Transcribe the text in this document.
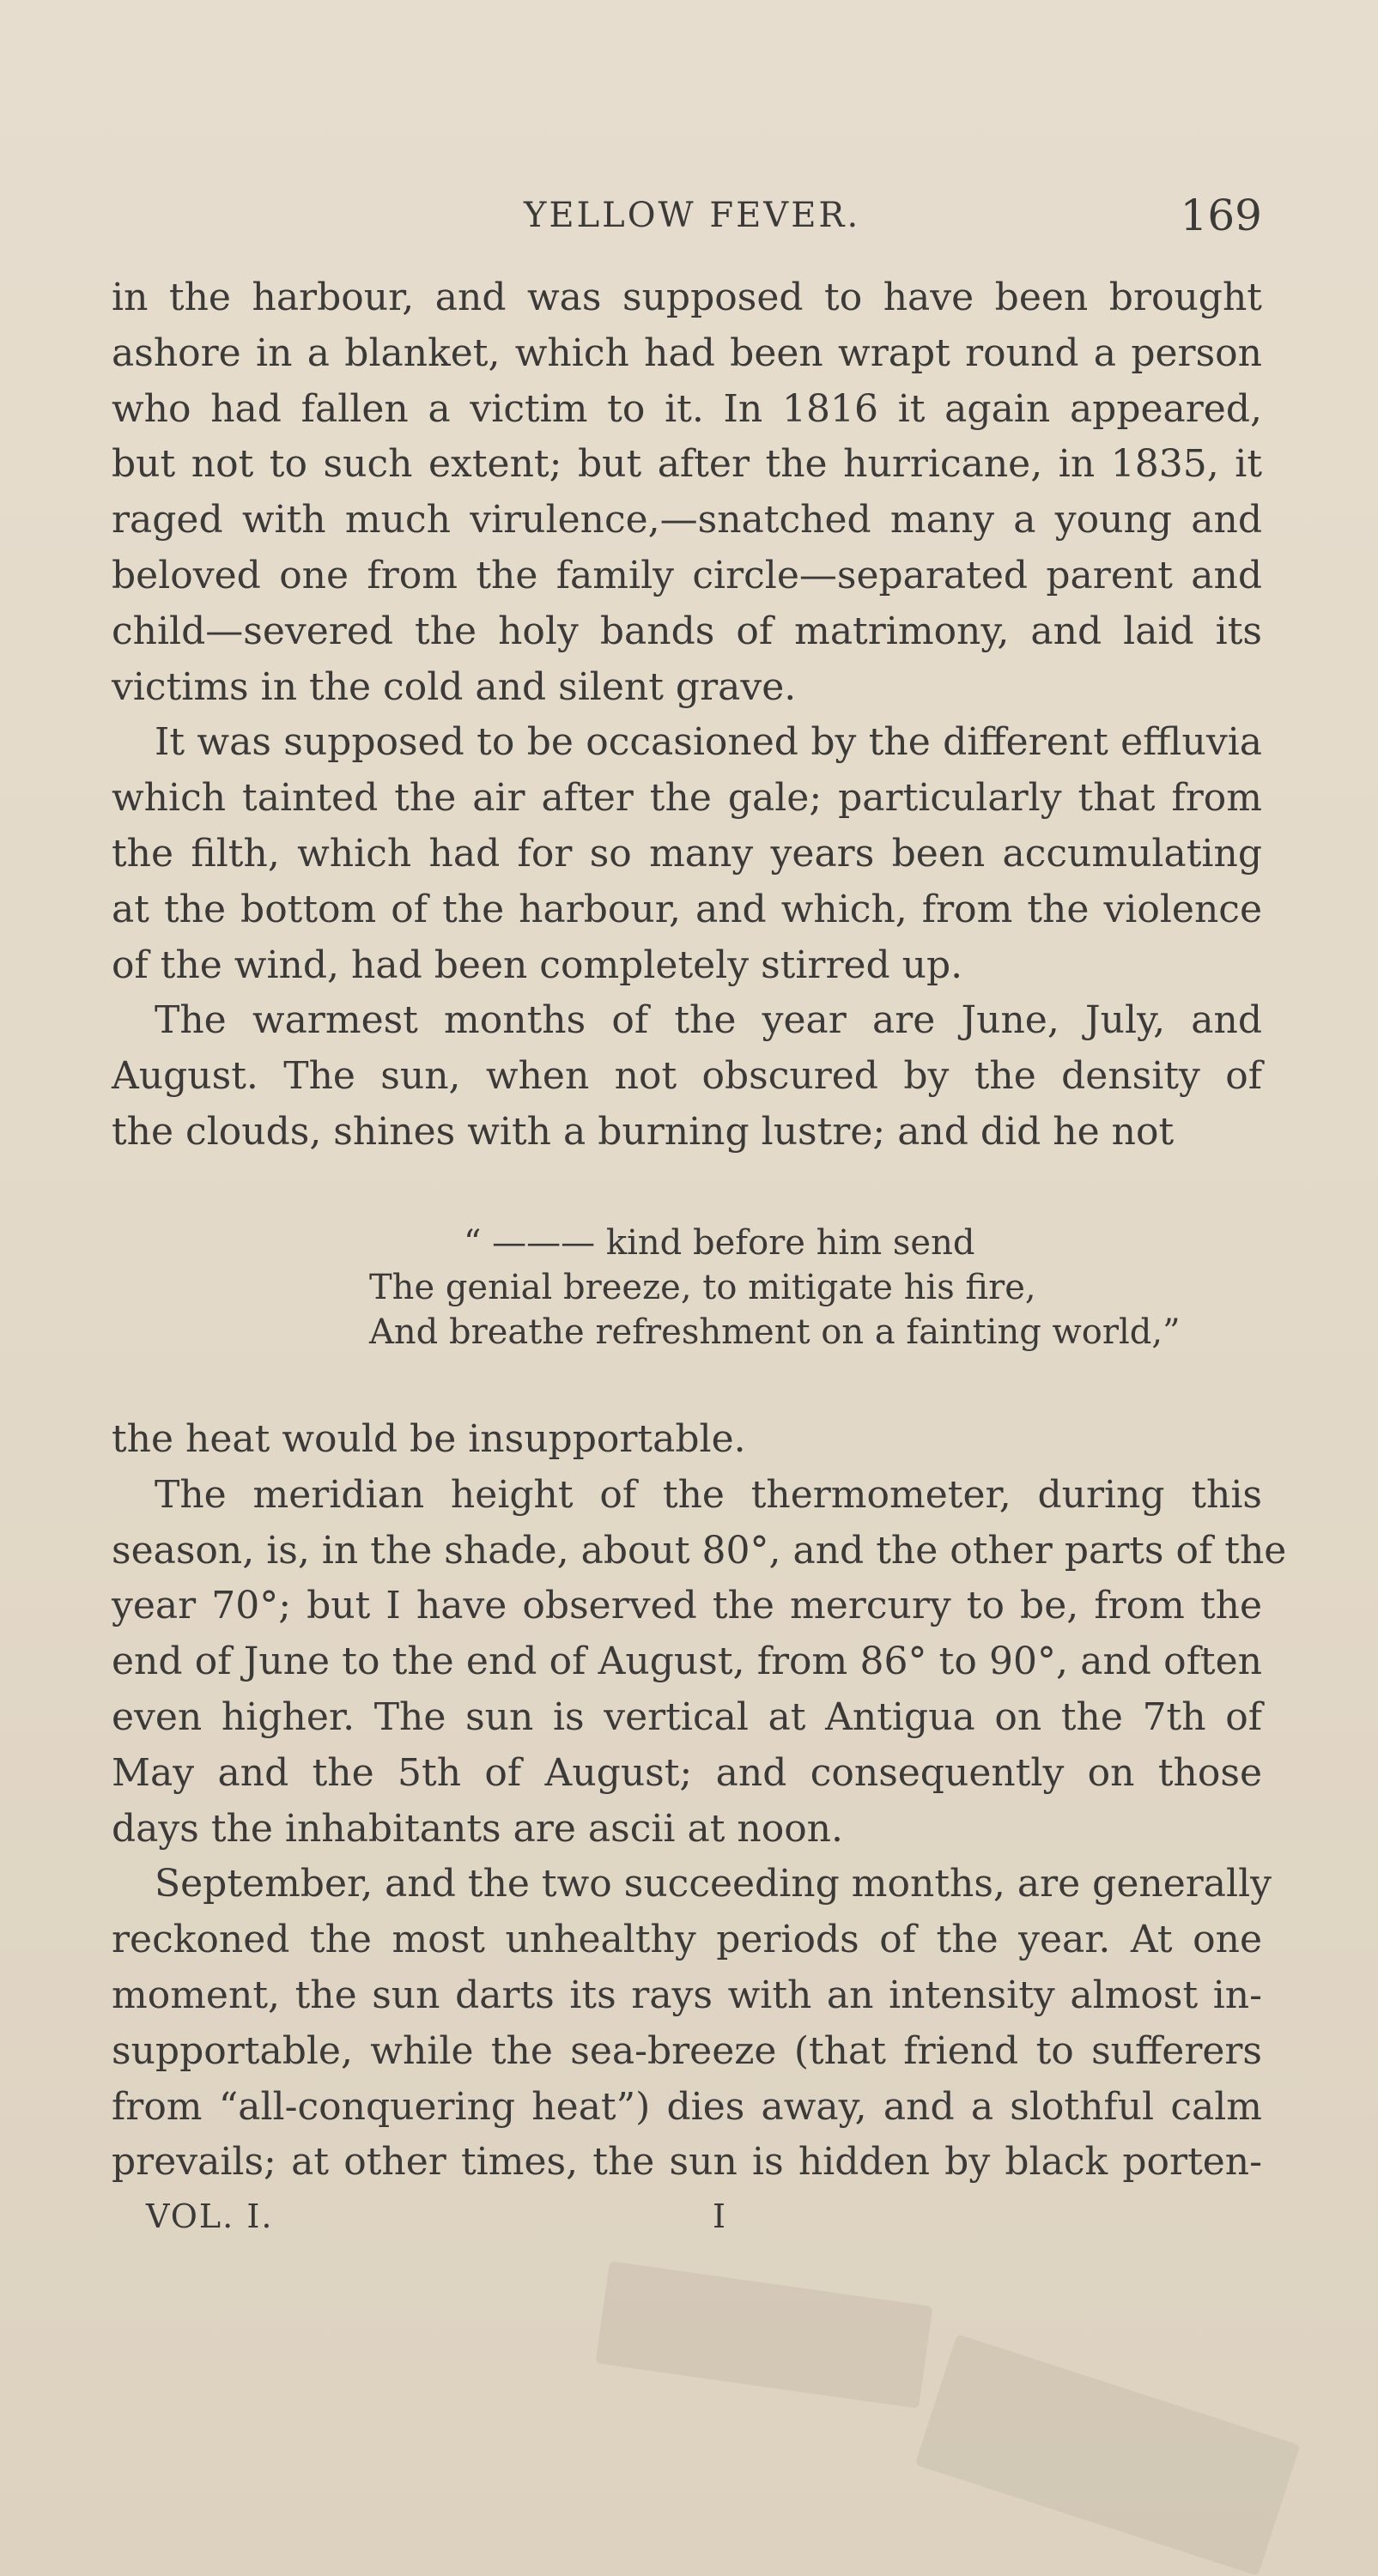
YELLOW FEVER.	169
in the harbour, and was supposed to have been brought
ashore in a blanket, which had been wrapt round a person
who had fallen a victim to it. In 1816 it again appeared,
but not to such extent; but after the hurricane, in 1835, it
raged with much virulence,—snatched many a young and
beloved one from the family circle—separated parent and
child—severed the holy bands of matrimony, and laid its
victims in the cold and silent grave.
It was supposed to be occasioned by the different effluvia
which tainted the air after the gale; particularly that from
the filth, which had for so many years been accumulating
at the bottom of the harbour, and which, from the violence
of the wind, had been completely stirred up.
The warmest months of the year are June, July, and
August. The sun, when not obscured by the density of
the clouds, shines with a burning lustre; and did he not
“ ——— kind before him send
The genial breeze, to mitigate his fire,
And breathe refreshment on a fainting world,”
the heat would be insupportable.
The meridian height of the thermometer, during this
season, is, in the shade, about 80°, and the other parts of the
year 70°; but I have observed the mercury to be, from the
end of June to the end of August, from 86° to 90°, and often
even higher. The sun is vertical at Antigua on the 7th of
May and the 5th of August; and consequently on those
days the inhabitants are ascii at noon.
September, and the two succeeding months, are generally
reckoned the most unhealthy periods of the year. At one
moment, the sun darts its rays with an intensity almost in-
supportable, while the sea-breeze (that friend to sufferers
from “all-conquering heat”) dies away, and a slothful calm
prevails; at other times, the sun is hidden by black porten-
VOL. I.	I
